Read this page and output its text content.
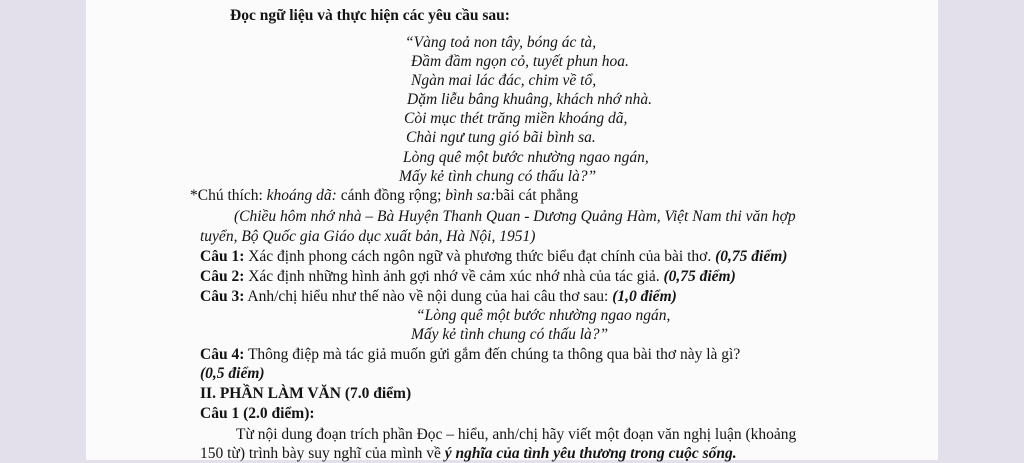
Đọc ngữ liệu và thực hiện các yêu cầu sau:
“Vàng toả non tây, bóng ác tà,
Đầm đầm ngọn cỏ, tuyết phun hoa.
Ngàn mai lác đác, chim về tổ,
Dặm liễu bâng khuâng, khách nhớ nhà.
Còi mục thét trăng miền khoáng dã,
Chài ngư tung gió bãi bình sa.
Lòng quê một bước nhường ngao ngán,
Mấy kẻ tình chung có thấu là?”
*Chú thích: khoáng dã: cánh đồng rộng; bình sa:bãi cát phẳng
(Chiều hôm nhớ nhà – Bà Huyện Thanh Quan - Dương Quảng Hàm, Việt Nam thi văn hợp
tuyển, Bộ Quốc gia Giáo dục xuất bản, Hà Nội, 1951)
Câu 1: Xác định phong cách ngôn ngữ và phương thức biểu đạt chính của bài thơ. (0,75 điểm)
Câu 2: Xác định những hình ảnh gợi nhớ về cảm xúc nhớ nhà của tác giả. (0,75 điểm)
Câu 3: Anh/chị hiểu như thế nào về nội dung của hai câu thơ sau: (1,0 điểm)
“Lòng quê một bước nhường ngao ngán,
Mấy kẻ tình chung có thấu là?”
Câu 4: Thông điệp mà tác giả muốn gửi gắm đến chúng ta thông qua bài thơ này là gì?
(0,5 điểm)
II. PHẦN LÀM VĂN (7.0 điểm)
Câu 1 (2.0 điểm):
Từ nội dung đoạn trích phần Đọc – hiểu, anh/chị hãy viết một đoạn văn nghị luận (khoảng
150 từ) trình bày suy nghĩ của mình về ý nghĩa của tình yêu thương trong cuộc sống.
